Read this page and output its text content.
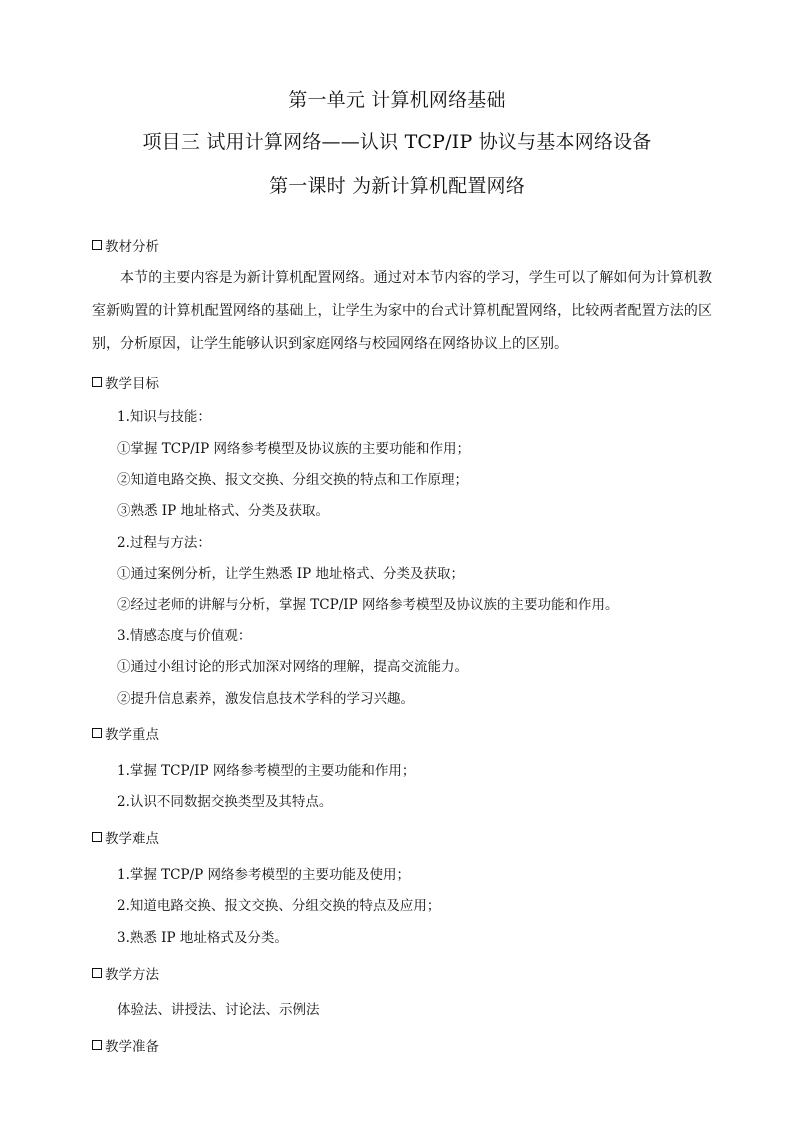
第一单元 计算机网络基础
项目三 试用计算网络——认识 TCP/IP 协议与基本网络设备
第一课时 为新计算机配置网络
教材分析
本节的主要内容是为新计算机配置网络。通过对本节内容的学习，学生可以了解如何为计算机教室新购置的计算机配置网络的基础上，让学生为家中的台式计算机配置网络，比较两者配置方法的区别，分析原因，让学生能够认识到家庭网络与校园网络在网络协议上的区别。
教学目标
1.知识与技能：
①掌握 TCP/IP 网络参考模型及协议族的主要功能和作用；
②知道电路交换、报文交换、分组交换的特点和工作原理；
③熟悉 IP 地址格式、分类及获取。
2.过程与方法：
①通过案例分析，让学生熟悉 IP 地址格式、分类及获取；
②经过老师的讲解与分析，掌握 TCP/IP 网络参考模型及协议族的主要功能和作用。
3.情感态度与价值观：
①通过小组讨论的形式加深对网络的理解，提高交流能力。
②提升信息素养，激发信息技术学科的学习兴趣。
教学重点
1.掌握 TCP/IP 网络参考模型的主要功能和作用；
2.认识不同数据交换类型及其特点。
教学难点
1.掌握 TCP/P 网络参考模型的主要功能及使用；
2.知道电路交换、报文交换、分组交换的特点及应用；
3.熟悉 IP 地址格式及分类。
教学方法
体验法、讲授法、讨论法、示例法
教学准备
